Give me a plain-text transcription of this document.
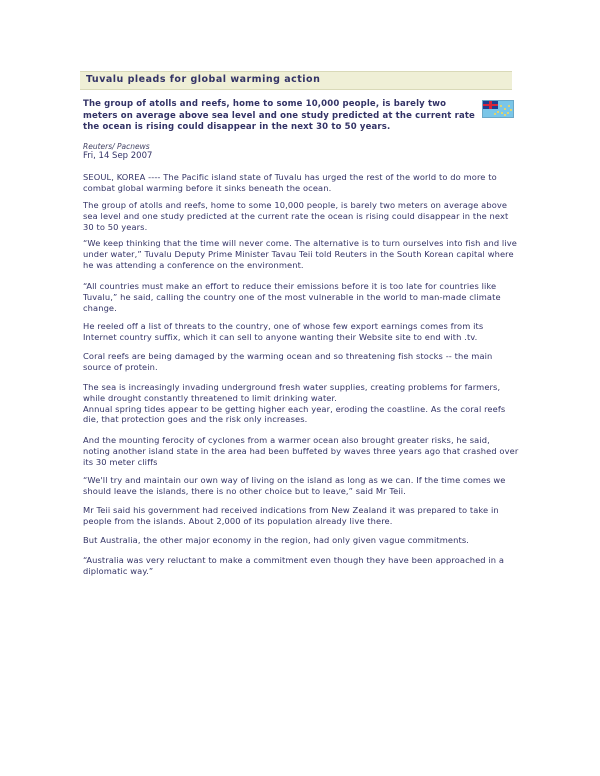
Tuvalu pleads for global warming action
The group of atolls and reefs, home to some 10,000 people, is barely two meters on average above sea level and one study predicted at the current rate the ocean is rising could disappear in the next 30 to 50 years.
Reuters/ Pacnews
Fri, 14 Sep 2007
SEOUL, KOREA ---- The Pacific island state of Tuvalu has urged the rest of the world to do more to
combat global warming before it sinks beneath the ocean.
The group of atolls and reefs, home to some 10,000 people, is barely two meters on average above
sea level and one study predicted at the current rate the ocean is rising could disappear in the next
30 to 50 years.
“We keep thinking that the time will never come. The alternative is to turn ourselves into fish and live
under water,” Tuvalu Deputy Prime Minister Tavau Teii told Reuters in the South Korean capital where
he was attending a conference on the environment.
“All countries must make an effort to reduce their emissions before it is too late for countries like
Tuvalu,” he said, calling the country one of the most vulnerable in the world to man-made climate
change.
He reeled off a list of threats to the country, one of whose few export earnings comes from its
Internet country suffix, which it can sell to anyone wanting their Website site to end with .tv.
Coral reefs are being damaged by the warming ocean and so threatening fish stocks -- the main
source of protein.
The sea is increasingly invading underground fresh water supplies, creating problems for farmers,
while drought constantly threatened to limit drinking water.
Annual spring tides appear to be getting higher each year, eroding the coastline. As the coral reefs
die, that protection goes and the risk only increases.
And the mounting ferocity of cyclones from a warmer ocean also brought greater risks, he said,
noting another island state in the area had been buffeted by waves three years ago that crashed over
its 30 meter cliffs
“We'll try and maintain our own way of living on the island as long as we can. If the time comes we
should leave the islands, there is no other choice but to leave,” said Mr Teii.
Mr Teii said his government had received indications from New Zealand it was prepared to take in
people from the islands. About 2,000 of its population already live there.
But Australia, the other major economy in the region, had only given vague commitments.
“Australia was very reluctant to make a commitment even though they have been approached in a
diplomatic way.”
